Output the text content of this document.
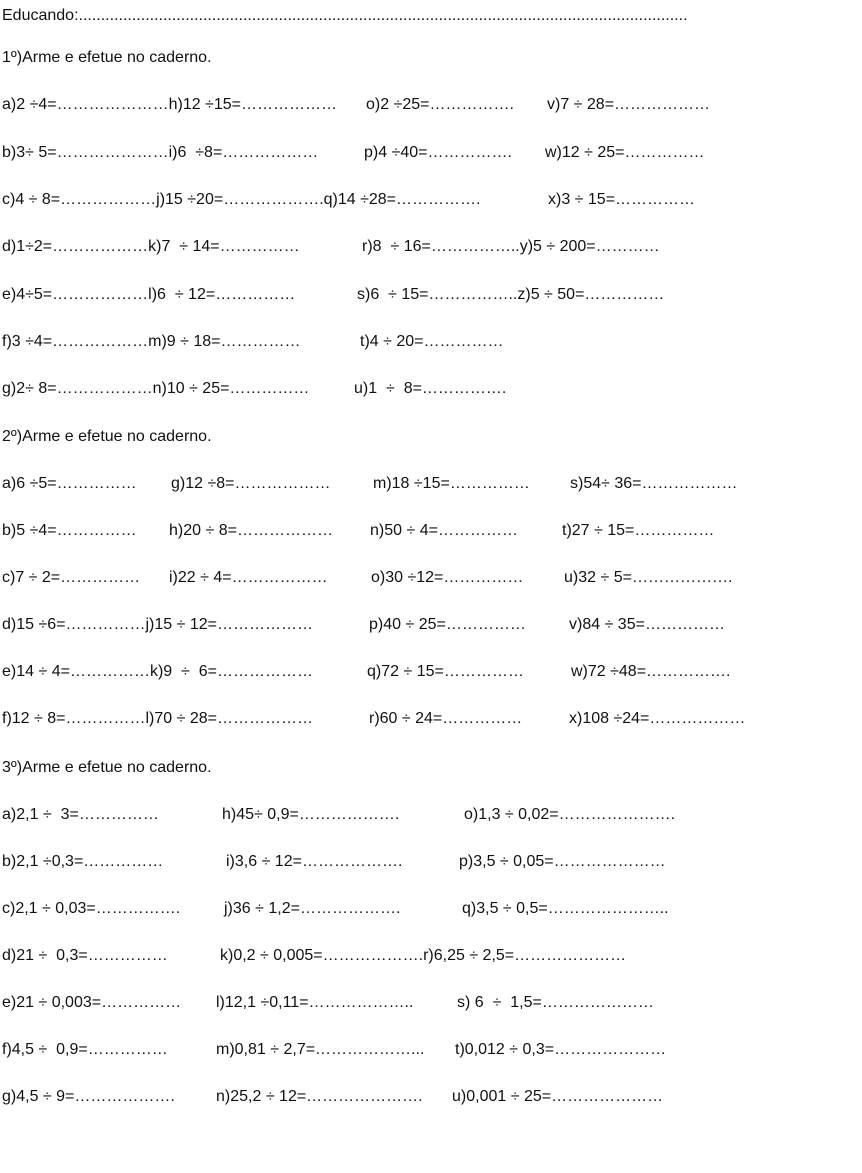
Educando:.........................................................................................................................................
1º)Arme e efetue no caderno.
a)2 ÷4=…………………h)12 ÷15=……………… o)2 ÷25=……………. v)7 ÷ 28=………………
b)3÷ 5=…………………i)6  ÷8=………………	p)4 ÷40=……………. w)12 ÷ 25=……………
c)4 ÷ 8=………………j)15 ÷20=……………….q)14 ÷28=…………….	x)3 ÷ 15=……………
d)1÷2=………………k)7  ÷ 14=……………	r)8  ÷ 16=……………..y)5 ÷ 200=…………
e)4÷5=………………l)6  ÷ 12=……………	s)6  ÷ 15=……………..z)5 ÷ 50=……………
f)3 ÷4=………………m)9 ÷ 18=……………	t)4 ÷ 20=……………
g)2÷ 8=………………n)10 ÷ 25=……………	u)1  ÷  8=…………….
2º)Arme e efetue no caderno.
a)6 ÷5=…………… g)12 ÷8=………………	m)18 ÷15=……………	s)54÷ 36=………………
b)5 ÷4=…………… h)20 ÷ 8=……………… n)50 ÷ 4=……………	t)27 ÷ 15=……………
c)7 ÷ 2=…………… i)22 ÷ 4=………………	o)30 ÷12=……………	u)32 ÷ 5=……………….
d)15 ÷6=……………j)15 ÷ 12=………………	p)40 ÷ 25=……………	v)84 ÷ 35=……………
e)14 ÷ 4=……………k)9  ÷  6=………………	q)72 ÷ 15=……………	w)72 ÷48=…………….
f)12 ÷ 8=……………l)70 ÷ 28=………………	r)60 ÷ 24=……………	x)108 ÷24=………………
3º)Arme e efetue no caderno.
a)2,1 ÷  3=……………	h)45÷ 0,9=……………….	o)1,3 ÷ 0,02=………………….
b)2,1 ÷0,3=……………	i)3,6 ÷ 12=……………….	p)3,5 ÷ 0,05=…………………
c)2,1 ÷ 0,03=…………….	j)36 ÷ 1,2=……………….	q)3,5 ÷ 0,5=…………………..
d)21 ÷  0,3=……………	k)0,2 ÷ 0,005=……………….r)6,25 ÷ 2,5=…………………
e)21 ÷ 0,003=…………… l)12,1 ÷0,11=………………..	s) 6  ÷  1,5=…………………
f)4,5 ÷  0,9=……………	m)0,81 ÷ 2,7=………………... t)0,012 ÷ 0,3=…………………
g)4,5 ÷ 9=……………….	n)25,2 ÷ 12=…………………. u)0,001 ÷ 25=…………………
